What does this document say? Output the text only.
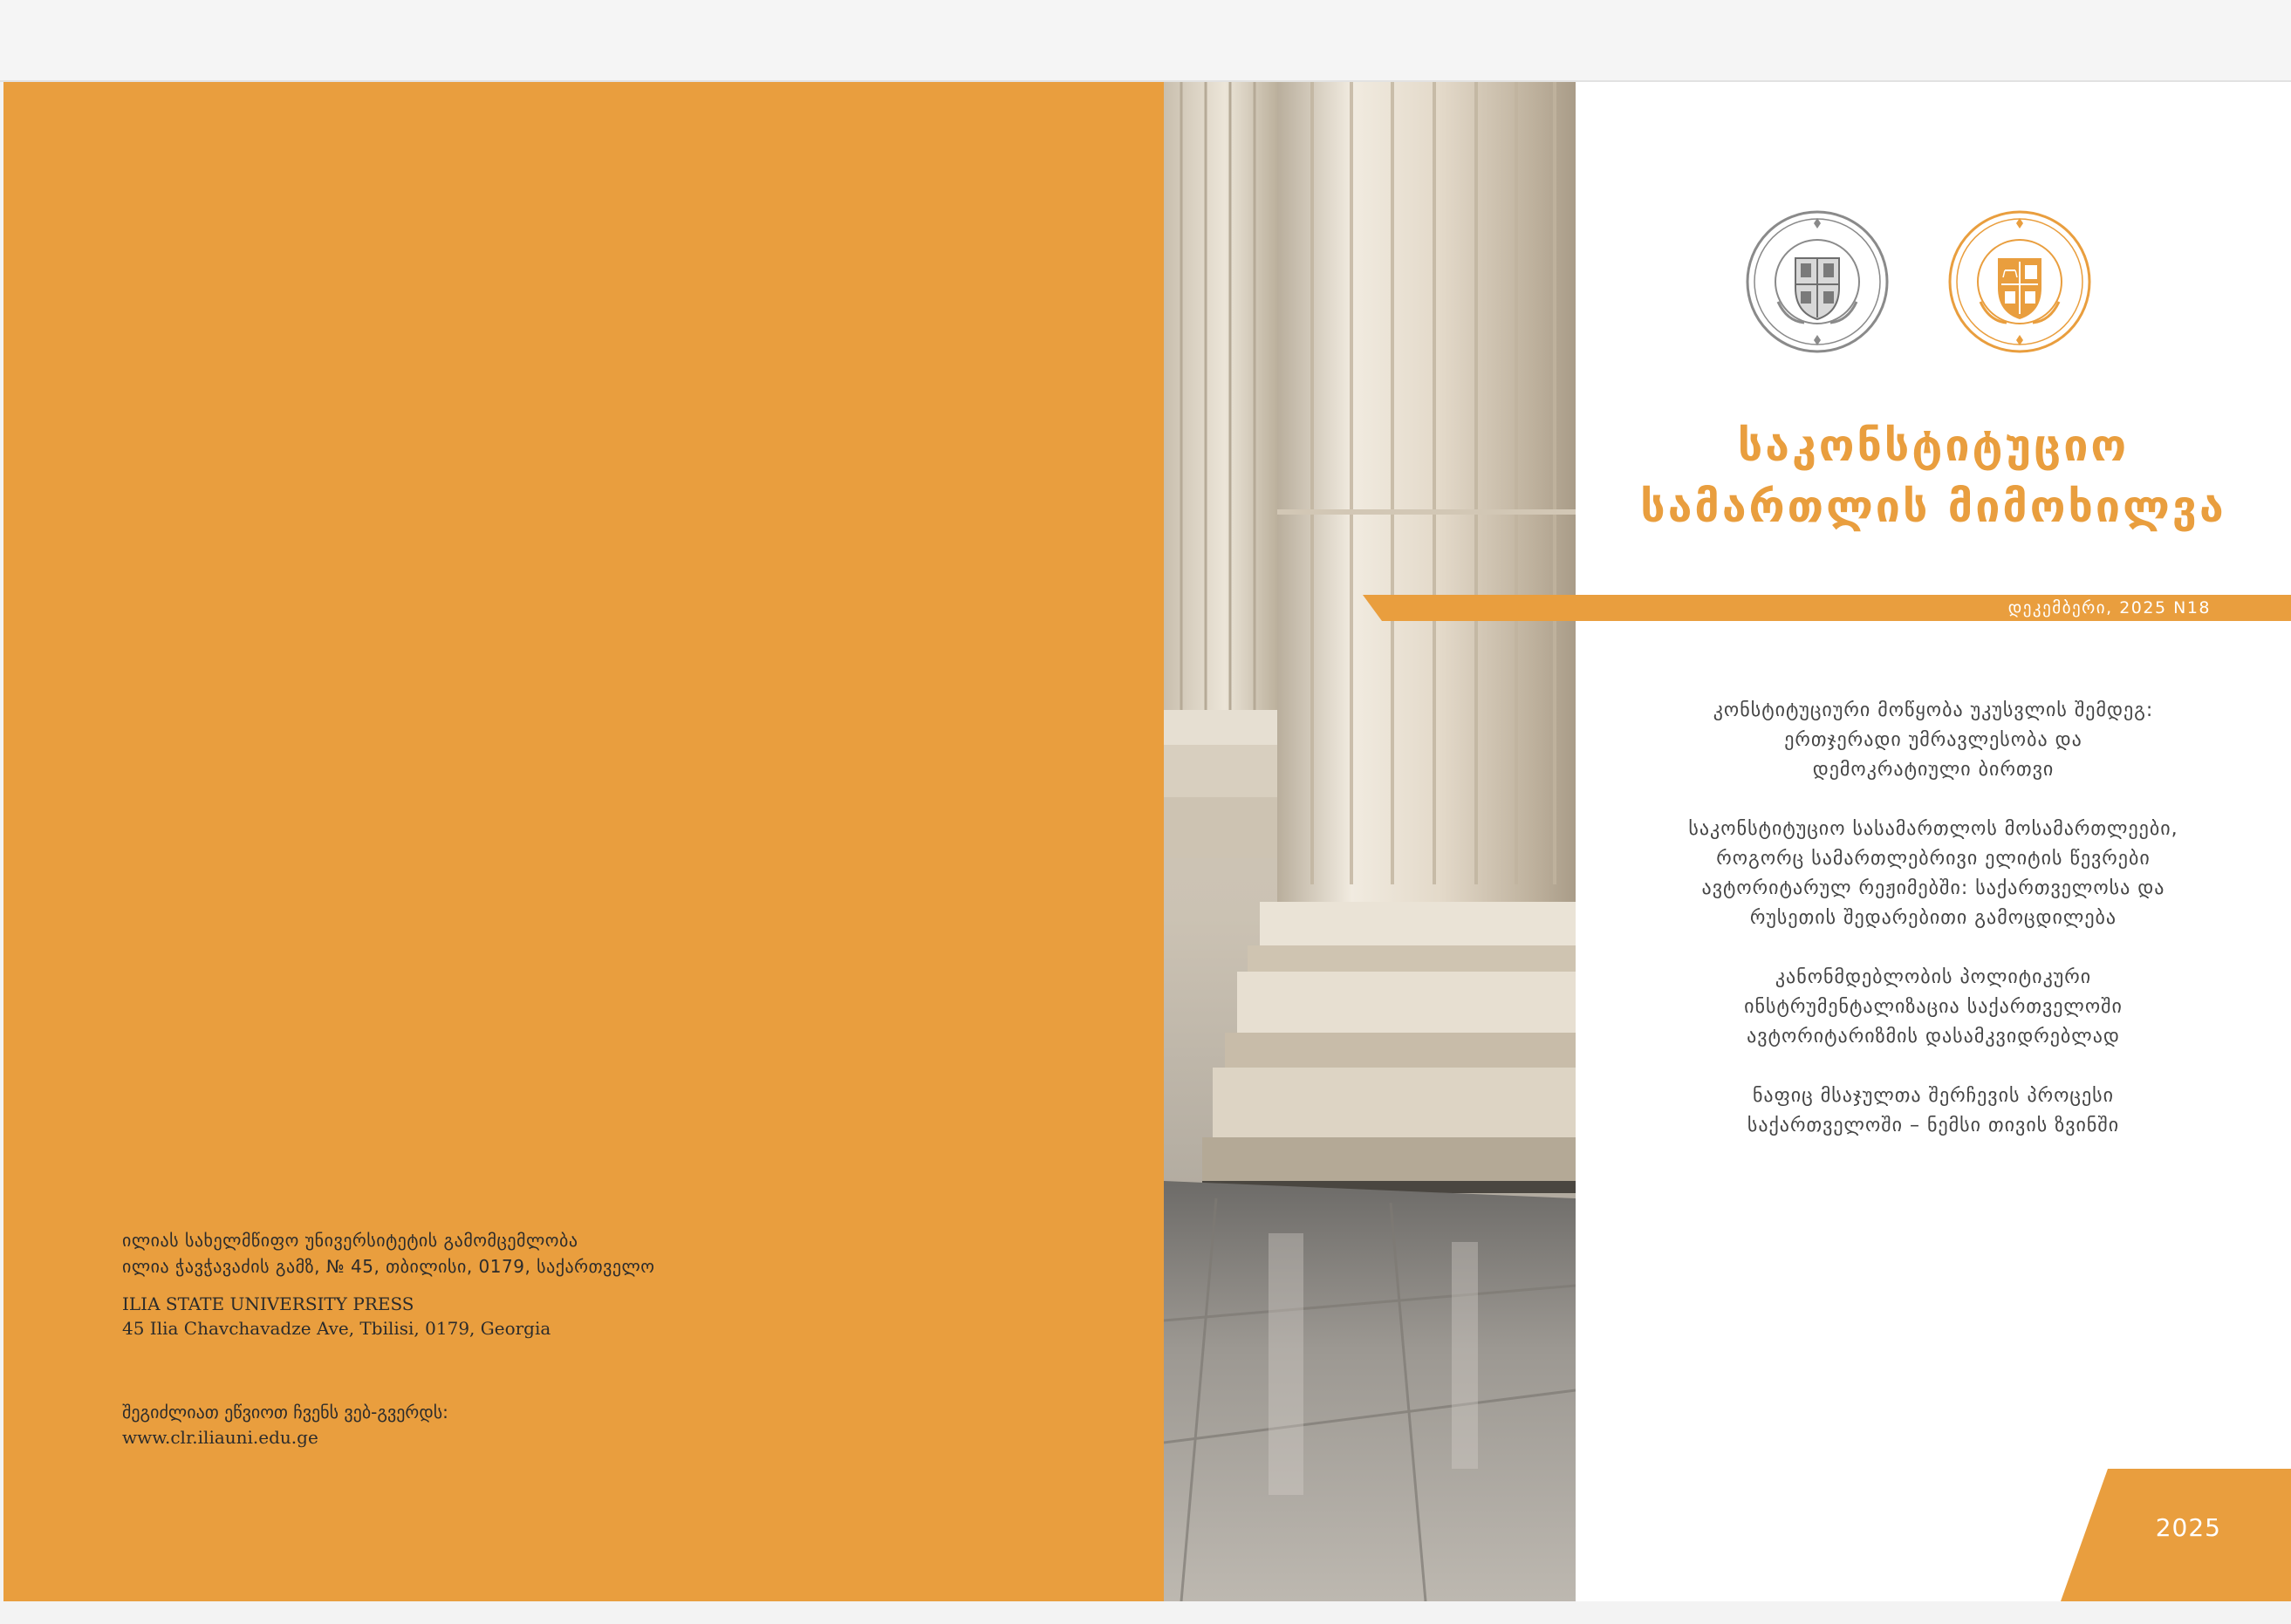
ილიას სახელმწიფო უნივერსიტეტის გამომცემლობა
ილია ჭავჭავაძის გამზ, № 45, თბილისი, 0179, საქართველო
ILIA STATE UNIVERSITY PRESS
45 Ilia Chavchavadze Ave, Tbilisi, 0179, Georgia
შეგიძლიათ ეწვიოთ ჩვენს ვებ-გვერდს:
www.clr.iliauni.edu.ge
საკონსტიტუციო
სამართლის მიმოხილვა
კონსტიტუციური მოწყობა უკუსვლის შემდეგ:
ერთჯერადი უმრავლესობა და
დემოკრატიული ბირთვი
საკონსტიტუციო სასამართლოს მოსამართლეები,
როგორც სამართლებრივი ელიტის წევრები
ავტორიტარულ რეჟიმებში: საქართველოსა და
რუსეთის შედარებითი გამოცდილება
კანონმდებლობის პოლიტიკური
ინსტრუმენტალიზაცია საქართველოში
ავტორიტარიზმის დასამკვიდრებლად
ნაფიც მსაჯულთა შერჩევის პროცესი
საქართველოში – ნემსი თივის ზვინში
დეკემბერი, 2025 N18
2025
